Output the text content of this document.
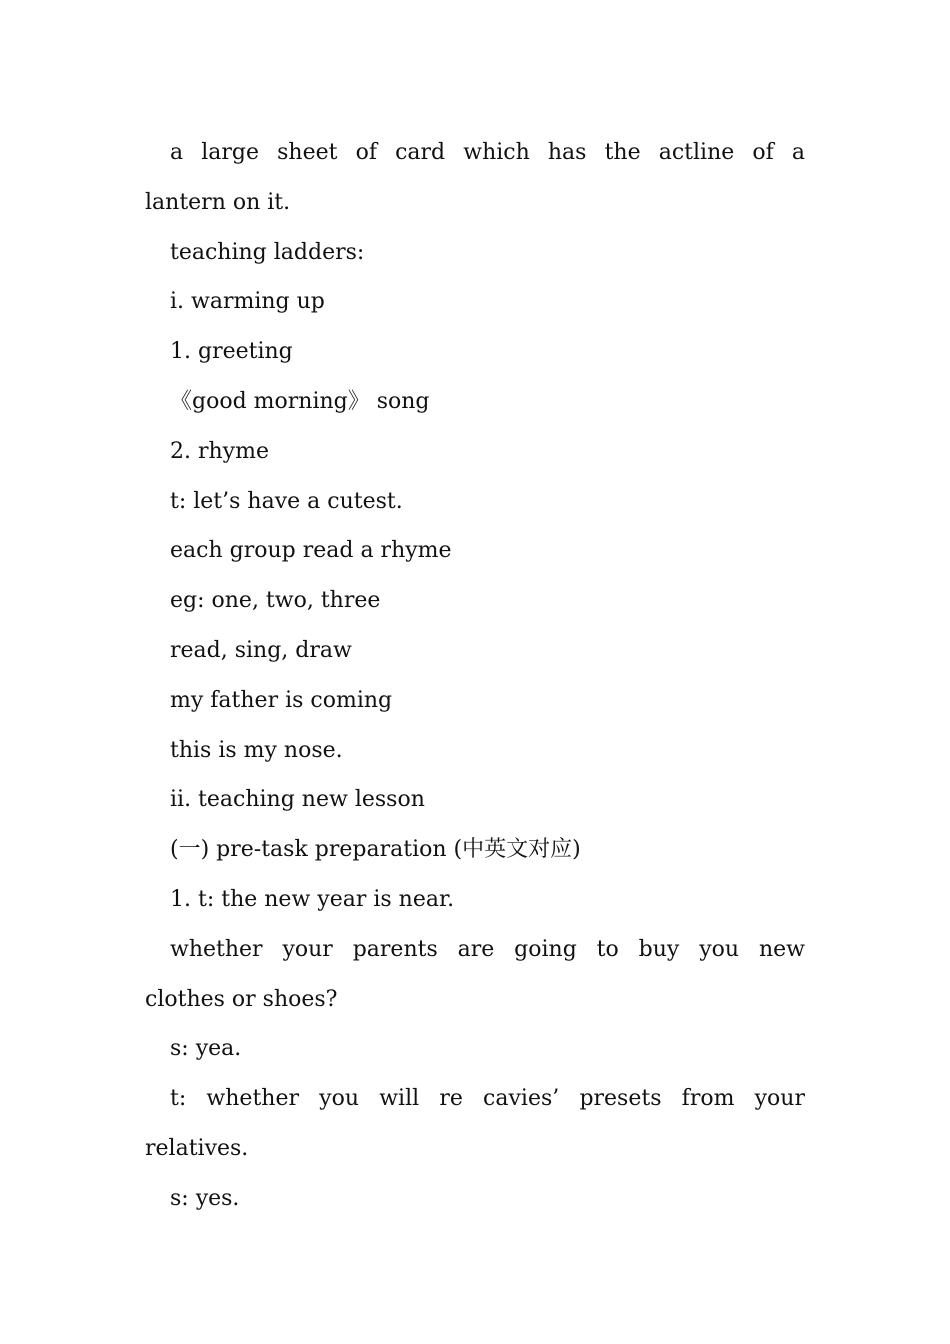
a large sheet of card which has the actline of a
lantern on it.
teaching ladders:
ⅰ. warming up
1. greeting
《good morning》 song
2. rhyme
t: let’s have a cutest.
each group read a rhyme
eg: one, two, three
read, sing, draw
my father is coming
this is my nose.
ⅱ. teaching new lesson
(一) pre-task preparation (中英文对应)
1. t: the new year is near.
whether your parents are going to buy you new
clothes or shoes?
s: yea.
t: whether you will re cavies’ presets from your
relatives.
s: yes.
